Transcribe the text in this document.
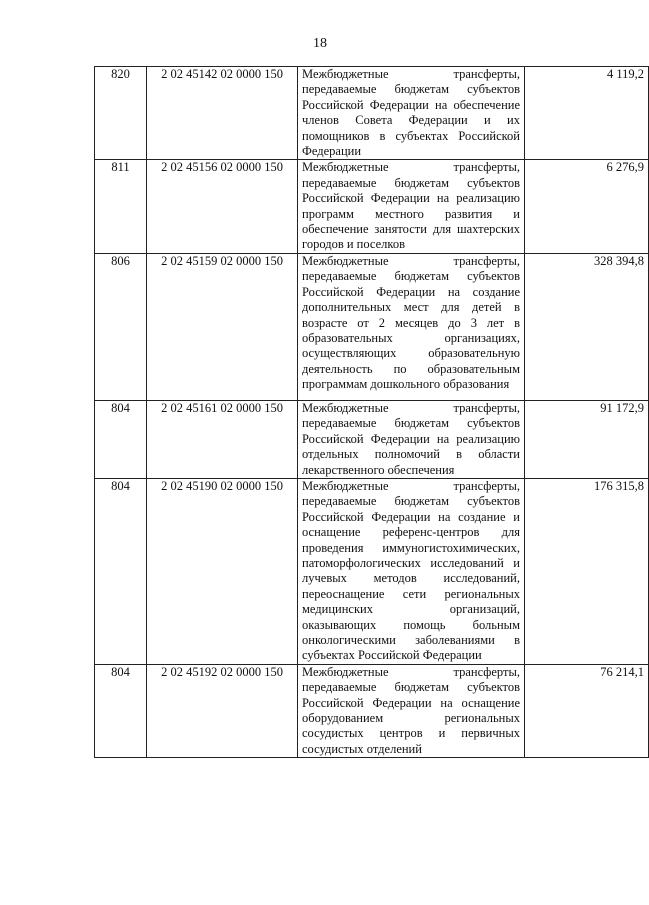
18
820	2 02 45142 02 0000 150	Межбюджетные трансферты, передаваемые бюджетам субъектов Российской Федерации на обеспечение членов Совета Федерации и их помощников в субъектах Российской Федерации	4 119,2
811	2 02 45156 02 0000 150	Межбюджетные трансферты, передаваемые бюджетам субъектов Российской Федерации на реализацию программ местного развития и обеспечение занятости для шахтерских городов и поселков	6 276,9
806	2 02 45159 02 0000 150	Межбюджетные трансферты, передаваемые бюджетам субъектов Российской Федерации на создание дополнительных мест для детей в возрасте от 2 месяцев до 3 лет в образовательных организациях, осуществляющих образовательную деятельность по образовательным программам дошкольного образования	328 394,8
804	2 02 45161 02 0000 150	Межбюджетные трансферты, передаваемые бюджетам субъектов Российской Федерации на реализацию отдельных полномочий в области лекарственного обеспечения	91 172,9
804	2 02 45190 02 0000 150	Межбюджетные трансферты, передаваемые бюджетам субъектов Российской Федерации на создание и оснащение референс-центров для проведения иммуногистохимических, патоморфологических исследований и лучевых методов исследований, переоснащение сети региональных медицинских организаций, оказывающих помощь больным онкологическими заболеваниями в субъектах Российской Федерации	176 315,8
804	2 02 45192 02 0000 150	Межбюджетные трансферты, передаваемые бюджетам субъектов Российской Федерации на оснащение оборудованием региональных сосудистых центров и первичных сосудистых отделений	76 214,1
